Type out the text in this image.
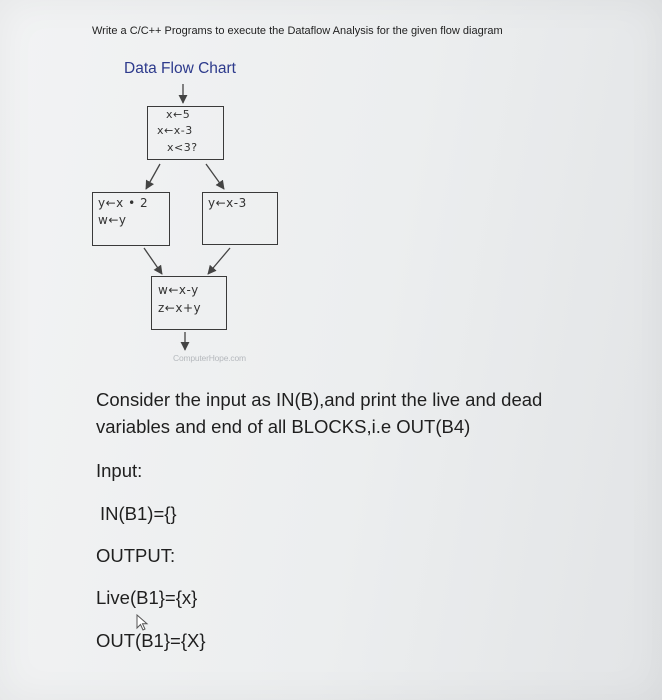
Write a C/C++ Programs to execute the Dataflow Analysis for the given flow diagram
Data Flow Chart
x←5
x←x-3
x<3?
y←x • 2
w←y
y←x-3
w←x-y
z←x+y
ComputerHope.com
Consider the input as IN(B),and print the live and dead
variables and end of all BLOCKS,i.e OUT(B4)
Input:
IN(B1)={}
OUTPUT:
Live(B1}={x}
OUT(B1}={X}
